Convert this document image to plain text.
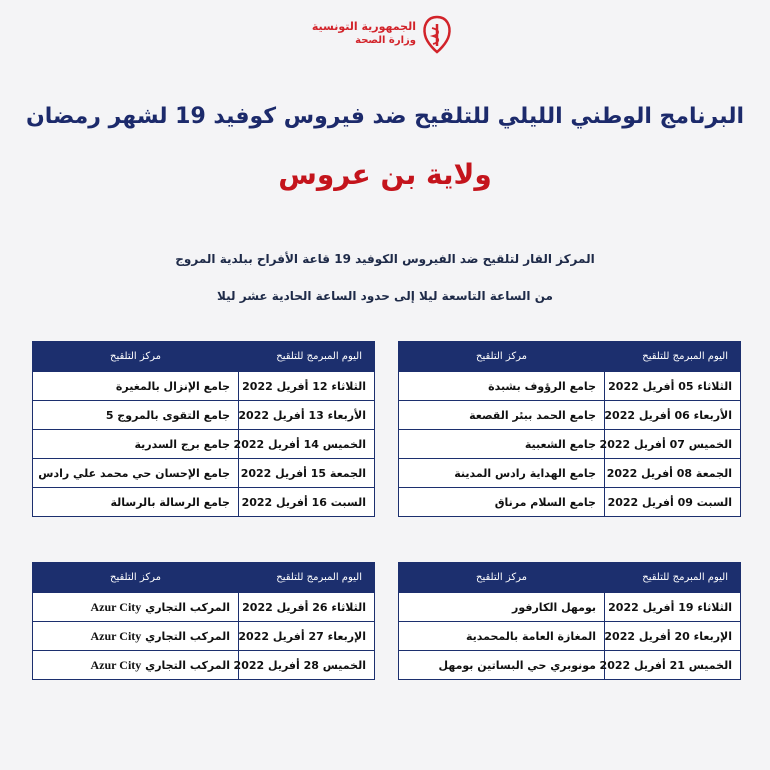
الجمهورية التونسية
وزارة الصحة
البرنامج الوطني الليلي للتلقيح ضد فيروس كوفيد 19 لشهر رمضان
ولاية بن عروس
المركز القار لتلقيح ضد الفيروس الكوفيد 19 قاعة الأفراح ببلدية المروج
من الساعة التاسعة ليلا إلى حدود الساعة الحادية عشر ليلا
اليوم المبرمج للتلقيح	مركز التلقيح
الثلاثاء 05 أفريل 2022	جامع الرؤوف بشبدة
الأربعاء 06 أفريل 2022	جامع الحمد ببئر القصعة
الخميس 07 أفريل 2022	جامع الشعبية
الجمعة 08 أفريل 2022	جامع الهداية رادس المدينة
السبت 09 أفريل 2022	جامع السلام مرناق
اليوم المبرمج للتلقيح	مركز التلقيح
الثلاثاء 12 أفريل 2022	جامع الإنزال بالمغيرة
الأربعاء 13 أفريل 2022	جامع التقوى بالمروج 5
الخميس 14 أفريل 2022	جامع برج السدرية
الجمعة 15 أفريل 2022	جامع الإحسان حي محمد علي رادس
السبت 16 أفريل 2022	جامع الرسالة بالرسالة
اليوم المبرمج للتلقيح	مركز التلقيح
الثلاثاء 19 أفريل 2022	بومهل الكارفور
الإربعاء 20 أفريل 2022	المغازة العامة بالمحمدية
الخميس 21 أفريل 2022	مونوبري حي البساتين بومهل
اليوم المبرمج للتلقيح	مركز التلقيح
الثلاثاء 26 أفريل 2022	المركب التجاري Azur City
الإربعاء 27 أفريل 2022	المركب التجاري Azur City
الخميس 28 أفريل 2022	المركب التجاري Azur City
